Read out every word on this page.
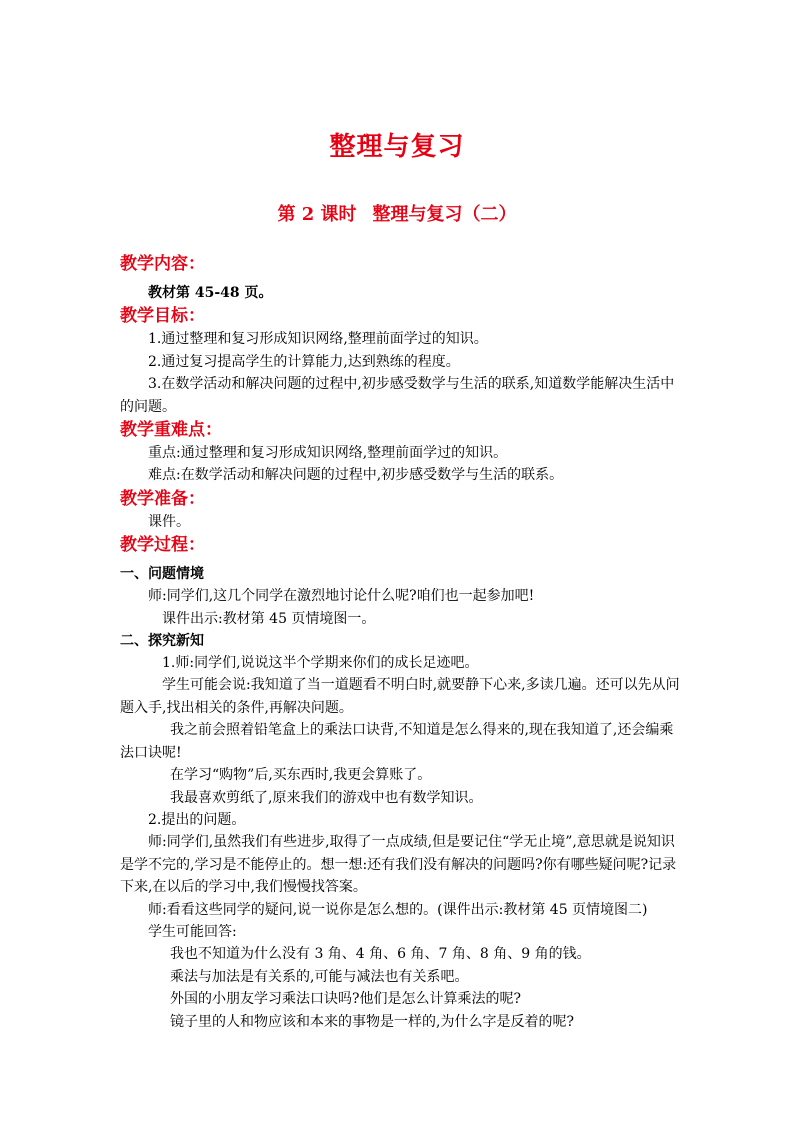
整理与复习
第 2 课时 整理与复习（二）

教学内容：

教材第 45-48 页。

教学目标：

1.通过整理和复习形成知识网络,整理前面学过的知识。

2.通过复习提高学生的计算能力,达到熟练的程度。

3.在数学活动和解决问题的过程中,初步感受数学与生活的联系,知道数学能解决生活中的问题。

教学重难点：

重点:通过整理和复习形成知识网络,整理前面学过的知识。

难点:在数学活动和解决问题的过程中,初步感受数学与生活的联系。

教学准备：

课件。

教学过程：

一、问题情境

师:同学们,这几个同学在激烈地讨论什么呢?咱们也一起参加吧!

课件出示:教材第 45 页情境图一。

二、探究新知

1.师:同学们,说说这半个学期来你们的成长足迹吧。

学生可能会说:我知道了当一道题看不明白时,就要静下心来,多读几遍。还可以先从问题入手,找出相关的条件,再解决问题。

我之前会照着铅笔盒上的乘法口诀背,不知道是怎么得来的,现在我知道了,还会编乘法口诀呢!

在学习“购物”后,买东西时,我更会算账了。

我最喜欢剪纸了,原来我们的游戏中也有数学知识。

2.提出的问题。

师:同学们,虽然我们有些进步,取得了一点成绩,但是要记住“学无止境”,意思就是说知识是学不完的,学习是不能停止的。想一想:还有我们没有解决的问题吗?你有哪些疑问呢?记录下来,在以后的学习中,我们慢慢找答案。

师:看看这些同学的疑问,说一说你是怎么想的。(课件出示:教材第 45 页情境图二)

学生可能回答:

我也不知道为什么没有 3 角、4 角、6 角、7 角、8 角、9 角的钱。

乘法与加法是有关系的,可能与减法也有关系吧。

外国的小朋友学习乘法口诀吗?他们是怎么计算乘法的呢?

镜子里的人和物应该和本来的事物是一样的,为什么字是反着的呢?
